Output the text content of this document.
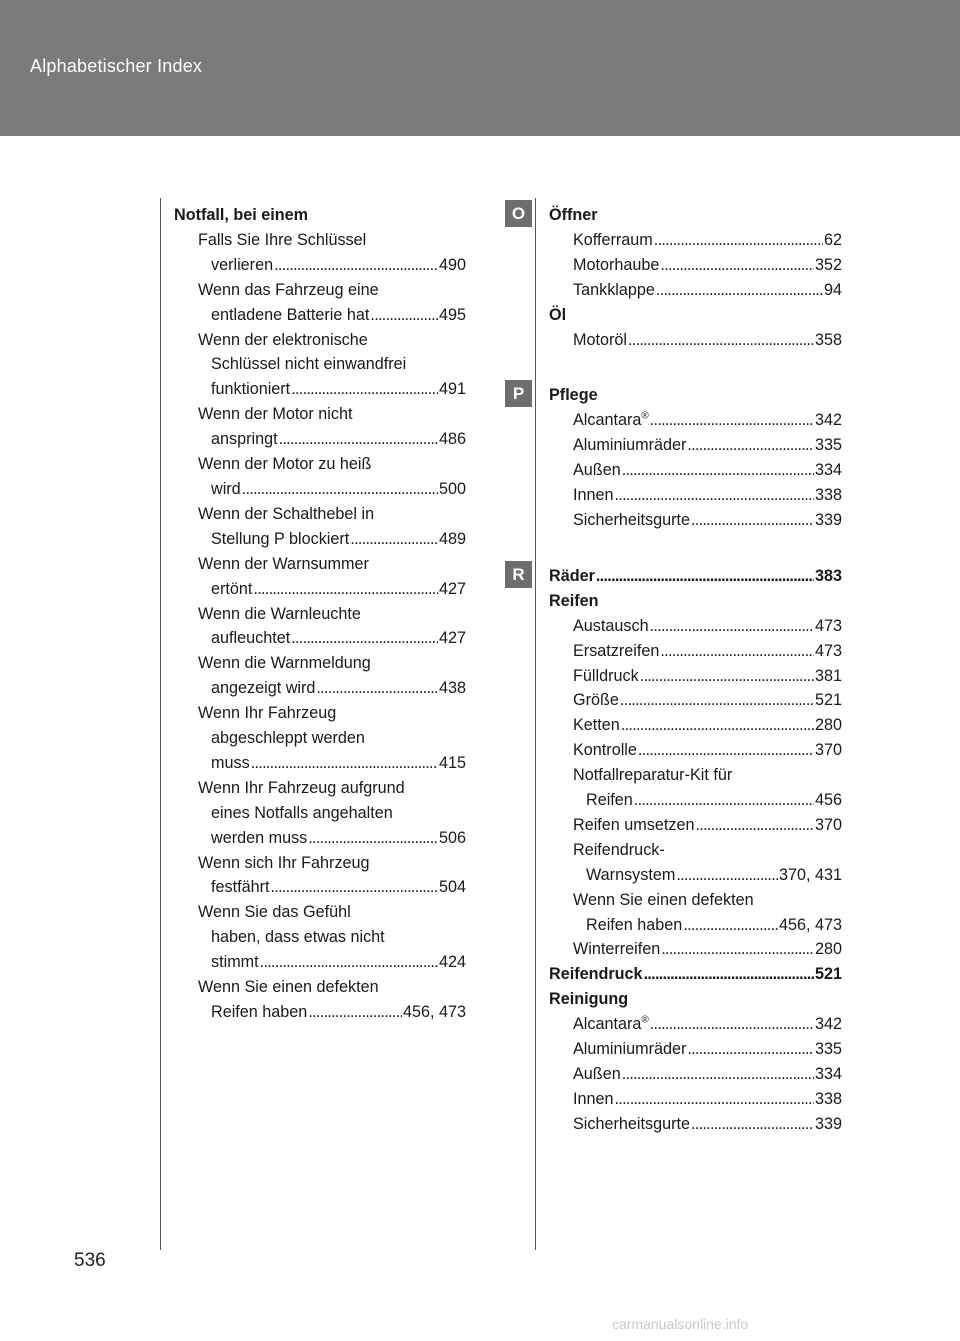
Alphabetischer Index
O
P
R
Notfall, bei einem
Falls Sie Ihre Schlüssel
verlieren . . .	490
Wenn das Fahrzeug eine
entladene Batterie hat . . .	495
Wenn der elektronische
Schlüssel nicht einwandfrei
funktioniert . . .	491
Wenn der Motor nicht
anspringt . . .	486
Wenn der Motor zu heiß
wird . . .	500
Wenn der Schalthebel in
Stellung P blockiert . . .	489
Wenn der Warnsummer
ertönt . . .	427
Wenn die Warnleuchte
aufleuchtet . . .	427
Wenn die Warnmeldung
angezeigt wird . . .	438
Wenn Ihr Fahrzeug
abgeschleppt werden
muss . . .	415
Wenn Ihr Fahrzeug aufgrund
eines Notfalls angehalten
werden muss . . .	506
Wenn sich Ihr Fahrzeug
festfährt . . .	504
Wenn Sie das Gefühl
haben, dass etwas nicht
stimmt . . .	424
Wenn Sie einen defekten
Reifen haben . . .	456, 473
Öffner
Kofferraum . . .	62
Motorhaube . . .	352
Tankklappe . . .	94
Öl
Motoröl . . .	358
Pflege
Alcantara® . . .	342
Aluminiumräder . . .	335
Außen . . .	334
Innen . . .	338
Sicherheitsgurte . . .	339
Räder . . .	383
Reifen
Austausch . . .	473
Ersatzreifen . . .	473
Fülldruck . . .	381
Größe . . .	521
Ketten . . .	280
Kontrolle . . .	370
Notfallreparatur-Kit für
Reifen . . .	456
Reifen umsetzen . . .	370
Reifendruck-
Warnsystem . . .	370, 431
Wenn Sie einen defekten
Reifen haben . . .	456, 473
Winterreifen . . .	280
Reifendruck . . .	521
Reinigung
Alcantara® . . .	342
Aluminiumräder . . .	335
Außen . . .	334
Innen . . .	338
Sicherheitsgurte . . .	339
536
carmanualsonline.info
